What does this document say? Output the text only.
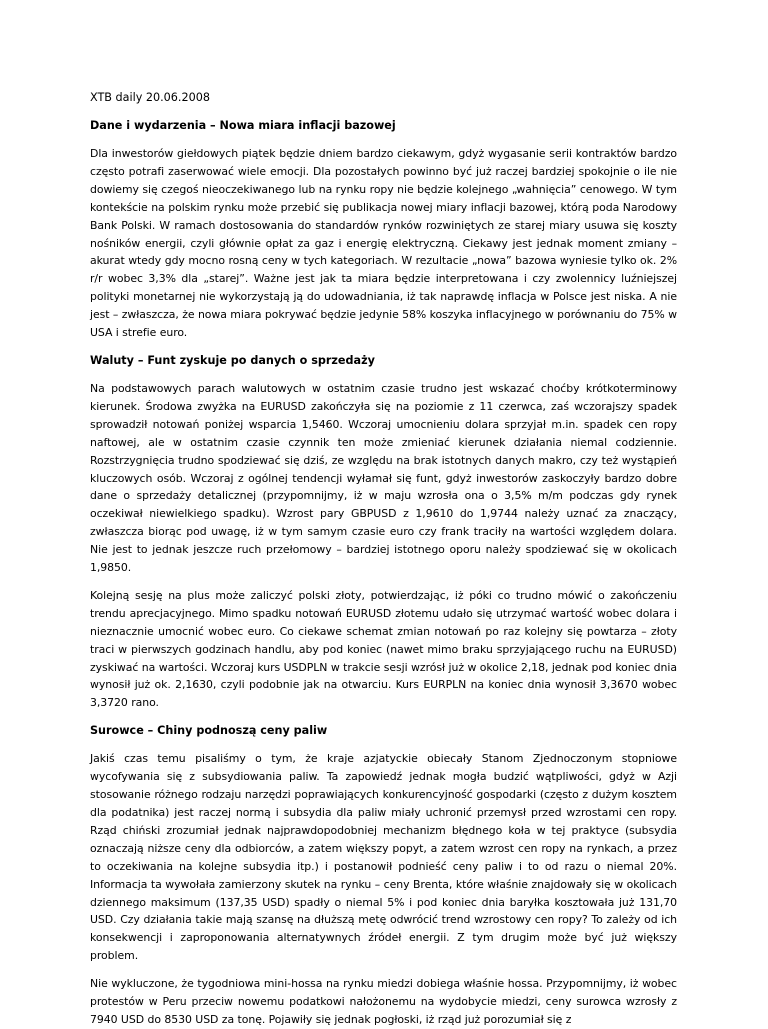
XTB daily 20.06.2008
Dane i wydarzenia – Nowa miara inflacji bazowej

Dla inwestorów giełdowych piątek będzie dniem bardzo ciekawym, gdyż wygasanie serii kontraktów bardzo często potrafi zaserwować wiele emocji. Dla pozostałych powinno być już raczej bardziej spokojnie o ile nie dowiemy się czegoś nieoczekiwanego lub na rynku ropy nie będzie kolejnego „wahnięcia” cenowego. W tym kontekście na polskim rynku może przebić się publikacja nowej miary inflacji bazowej, którą poda Narodowy Bank Polski. W ramach dostosowania do standardów rynków rozwiniętych ze starej miary usuwa się koszty nośników energii, czyli głównie opłat za gaz i energię elektryczną. Ciekawy jest jednak moment zmiany – akurat wtedy gdy mocno rosną ceny w tych kategoriach. W rezultacie „nowa” bazowa wyniesie tylko ok. 2% r/r wobec 3,3% dla „starej”. Ważne jest jak ta miara będzie interpretowana i czy zwolennicy luźniejszej polityki monetarnej nie wykorzystają ją do udowadniania, iż tak naprawdę inflacja w Polsce jest niska. A nie jest – zwłaszcza, że nowa miara pokrywać będzie jedynie 58% koszyka inflacyjnego w porównaniu do 75% w USA i strefie euro.

Waluty – Funt zyskuje po danych o sprzedaży

Na podstawowych parach walutowych w ostatnim czasie trudno jest wskazać choćby krótkoterminowy kierunek. Środowa zwyżka na EURUSD zakończyła się na poziomie z 11 czerwca, zaś wczorajszy spadek sprowadził notowań poniżej wsparcia 1,5460. Wczoraj umocnieniu dolara sprzyjał m.in. spadek cen ropy naftowej, ale w ostatnim czasie czynnik ten może zmieniać kierunek działania niemal codziennie. Rozstrzygnięcia trudno spodziewać się dziś, ze względu na brak istotnych danych makro, czy też wystąpień kluczowych osób. Wczoraj z ogólnej tendencji wyłamał się funt, gdyż inwestorów zaskoczyły bardzo dobre dane o sprzedaży detalicznej (przypomnijmy, iż w maju wzrosła ona o 3,5% m/m podczas gdy rynek oczekiwał niewielkiego spadku). Wzrost pary GBPUSD z 1,9610 do 1,9744 należy uznać za znaczący, zwłaszcza biorąc pod uwagę, iż w tym samym czasie euro czy frank traciły na wartości względem dolara. Nie jest to jednak jeszcze ruch przełomowy – bardziej istotnego oporu należy spodziewać się w okolicach 1,9850.

Kolejną sesję na plus może zaliczyć polski złoty, potwierdzając, iż póki co trudno mówić o zakończeniu trendu aprecjacyjnego. Mimo spadku notowań EURUSD złotemu udało się utrzymać wartość wobec dolara i nieznacznie umocnić wobec euro. Co ciekawe schemat zmian notowań po raz kolejny się powtarza – złoty traci w pierwszych godzinach handlu, aby pod koniec (nawet mimo braku sprzyjającego ruchu na EURUSD) zyskiwać na wartości. Wczoraj kurs USDPLN w trakcie sesji wzrósł już w okolice 2,18, jednak pod koniec dnia wynosił już ok. 2,1630, czyli podobnie jak na otwarciu. Kurs EURPLN na koniec dnia wynosił 3,3670 wobec 3,3720 rano.

Surowce – Chiny podnoszą ceny paliw

Jakiś czas temu pisaliśmy o tym, że kraje azjatyckie obiecały Stanom Zjednoczonym stopniowe wycofywania się z subsydiowania paliw. Ta zapowiedź jednak mogła budzić wątpliwości, gdyż w Azji stosowanie różnego rodzaju narzędzi poprawiających konkurencyjność gospodarki (często z dużym kosztem dla podatnika) jest raczej normą i subsydia dla paliw miały uchronić przemysł przed wzrostami cen ropy. Rząd chiński zrozumiał jednak najprawdopodobniej mechanizm błędnego koła w tej praktyce (subsydia oznaczają niższe ceny dla odbiorców, a zatem większy popyt, a zatem wzrost cen ropy na rynkach, a przez to oczekiwania na kolejne subsydia itp.) i postanowił podnieść ceny paliw i to od razu o niemal 20%. Informacja ta wywołała zamierzony skutek na rynku – ceny Brenta, które właśnie znajdowały się w okolicach dziennego maksimum (137,35 USD) spadły o niemal 5% i pod koniec dnia baryłka kosztowała już 131,70 USD. Czy działania takie mają szansę na dłuższą metę odwrócić trend wzrostowy cen ropy? To zależy od ich konsekwencji i zaproponowania alternatywnych źródeł energii. Z tym drugim może być już większy problem.

Nie wykluczone, że tygodniowa mini-hossa na rynku miedzi dobiega właśnie hossa. Przypomnijmy, iż wobec protestów w Peru przeciw nowemu podatkowi nałożonemu na wydobycie miedzi, ceny surowca wzrosły z 7940 USD do 8530 USD za tonę. Pojawiły się jednak pogłoski, iż rząd już porozumiał się z
